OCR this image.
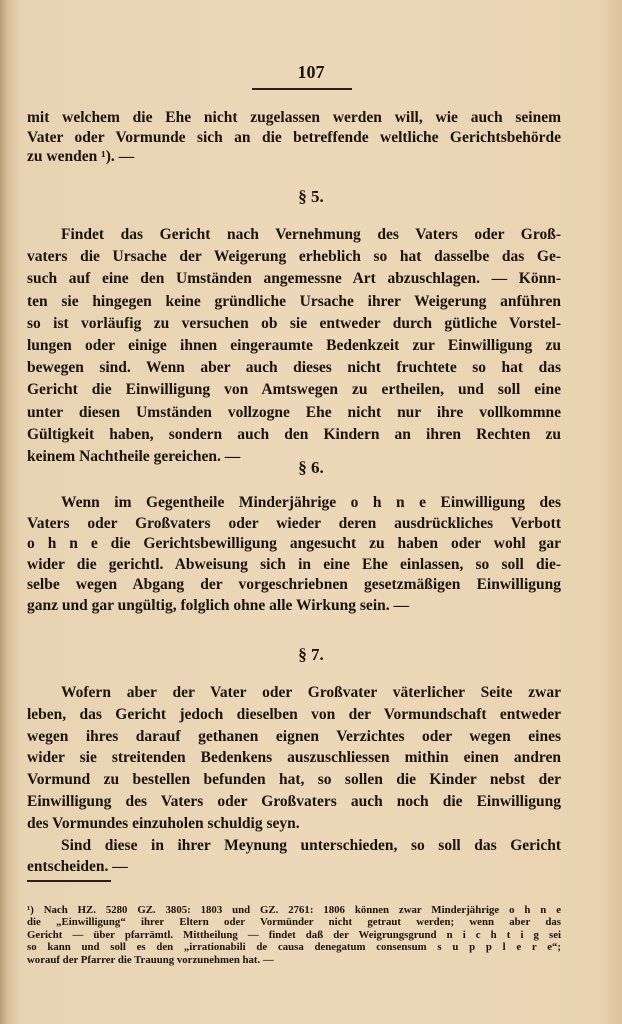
107
mit welchem die Ehe nicht zugelassen werden will, wie auch seinem
Vater oder Vormunde sich an die betreffende weltliche Gerichtsbehörde
zu wenden ¹). —
§ 5.
Findet das Gericht nach Vernehmung des Vaters oder Groß-
vaters die Ursache der Weigerung erheblich so hat dasselbe das Ge-
such auf eine den Umständen angemessne Art abzuschlagen. — Könn-
ten sie hingegen keine gründliche Ursache ihrer Weigerung anführen
so ist vorläufig zu versuchen ob sie entweder durch gütliche Vorstel-
lungen oder einige ihnen eingeraumte Bedenkzeit zur Einwilligung zu
bewegen sind. Wenn aber auch dieses nicht fruchtete so hat das
Gericht die Einwilligung von Amtswegen zu ertheilen, und soll eine
unter diesen Umständen vollzogne Ehe nicht nur ihre vollkommne
Gültigkeit haben, sondern auch den Kindern an ihren Rechten zu
keinem Nachtheile gereichen. —
§ 6.
Wenn im Gegentheile Minderjährige o h n e Einwilligung des
Vaters oder Großvaters oder wieder deren ausdrückliches Verbott
o h n e die Gerichtsbewilligung angesucht zu haben oder wohl gar
wider die gerichtl. Abweisung sich in eine Ehe einlassen, so soll die-
selbe wegen Abgang der vorgeschriebnen gesetzmäßigen Einwilligung
ganz und gar ungültig, folglich ohne alle Wirkung sein. —
§ 7.
Wofern aber der Vater oder Großvater väterlicher Seite zwar
leben, das Gericht jedoch dieselben von der Vormundschaft entweder
wegen ihres darauf gethanen eignen Verzichtes oder wegen eines
wider sie streitenden Bedenkens auszuschliessen mithin einen andren
Vormund zu bestellen befunden hat, so sollen die Kinder nebst der
Einwilligung des Vaters oder Großvaters auch noch die Einwilligung
des Vormundes einzuholen schuldig seyn.
Sind diese in ihrer Meynung unterschieden, so soll das Gericht
entscheiden. —
¹) Nach HZ. 5280 GZ. 3805: 1803 und GZ. 2761: 1806 können zwar Minderjährige o h n e
die „Einwilligung“ ihrer Eltern oder Vormünder nicht getraut werden; wenn aber das
Gericht — über pfarrämtl. Mittheilung — findet daß der Weigrungsgrund n i c h t i g sei
so kann und soll es den „irrationabili de causa denegatum consensum s u p p l e r e“;
worauf der Pfarrer die Trauung vorzunehmen hat. —
